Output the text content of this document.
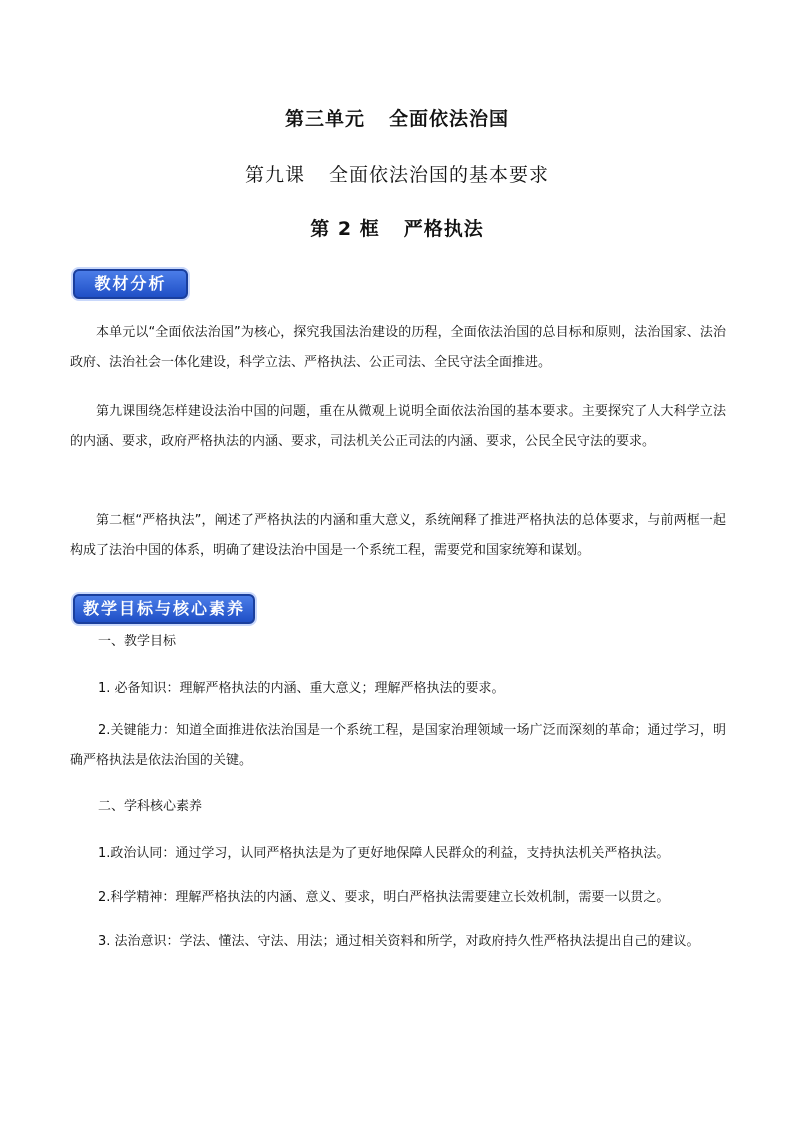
第三单元 全面依法治国
第九课 全面依法治国的基本要求
第 2 框 严格执法
教材分析
本单元以“全面依法治国”为核心，探究我国法治建设的历程，全面依法治国的总目标和原则，法治国家、法治政府、法治社会一体化建设，科学立法、严格执法、公正司法、全民守法全面推进。
第九课围绕怎样建设法治中国的问题，重在从微观上说明全面依法治国的基本要求。主要探究了人大科学立法的内涵、要求，政府严格执法的内涵、要求，司法机关公正司法的内涵、要求，公民全民守法的要求。
第二框“严格执法”，阐述了严格执法的内涵和重大意义，系统阐释了推进严格执法的总体要求，与前两框一起构成了法治中国的体系，明确了建设法治中国是一个系统工程，需要党和国家统筹和谋划。
教学目标与核心素养
一、教学目标
1. 必备知识：理解严格执法的内涵、重大意义；理解严格执法的要求。
2.关键能力：知道全面推进依法治国是一个系统工程，是国家治理领域一场广泛而深刻的革命；通过学习，明确严格执法是依法治国的关键。
二、学科核心素养
1.政治认同：通过学习，认同严格执法是为了更好地保障人民群众的利益，支持执法机关严格执法。
2.科学精神：理解严格执法的内涵、意义、要求，明白严格执法需要建立长效机制，需要一以贯之。
3. 法治意识：学法、懂法、守法、用法；通过相关资料和所学，对政府持久性严格执法提出自己的建议。
